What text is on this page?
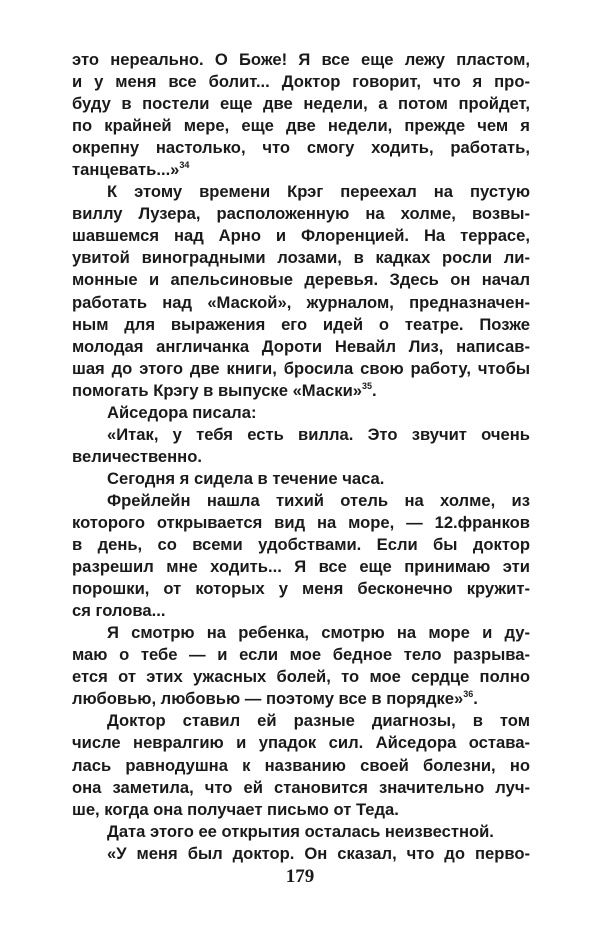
это нереально. О Боже! Я все еще лежу пластом,
и у меня все болит... Доктор говорит, что я про-
буду в постели еще две недели, а потом пройдет,
по крайней мере, еще две недели, прежде чем я
окрепну настолько, что смогу ходить, работать,
танцевать...»$^{34}$
К этому времени Крэг переехал на пустую
виллу Лузера, расположенную на холме, возвы-
шавшемся над Арно и Флоренцией. На террасе,
увитой виноградными лозами, в кадках росли ли-
монные и апельсиновые деревья. Здесь он начал
работать над «Маской», журналом, предназначен-
ным для выражения его идей о театре. Позже
молодая англичанка Дороти Невайл Лиз, написав-
шая до этого две книги, бросила свою работу, чтобы
помогать Крэгу в выпуске «Маски»$^{35}$.
Айседора писала:
«Итак, у тебя есть вилла. Это звучит очень
величественно.
Сегодня я сидела в течение часа.
Фрейлейн нашла тихий отель на холме, из
которого открывается вид на море, — 12.франков
в день, со всеми удобствами. Если бы доктор
разрешил мне ходить... Я все еще принимаю эти
порошки, от которых у меня бесконечно кружит-
ся голова...
Я смотрю на ребенка, смотрю на море и ду-
маю о тебе — и если мое бедное тело разрыва-
ется от этих ужасных болей, то мое сердце полно
любовью, любовью — поэтому все в порядке»$^{36}$.
Доктор ставил ей разные диагнозы, в том
числе невралгию и упадок сил. Айседора остава-
лась равнодушна к названию своей болезни, но
она заметила, что ей становится значительно луч-
ше, когда она получает письмо от Теда.
Дата этого ее открытия осталась неизвестной.
«У меня был доктор. Он сказал, что до перво-
179
